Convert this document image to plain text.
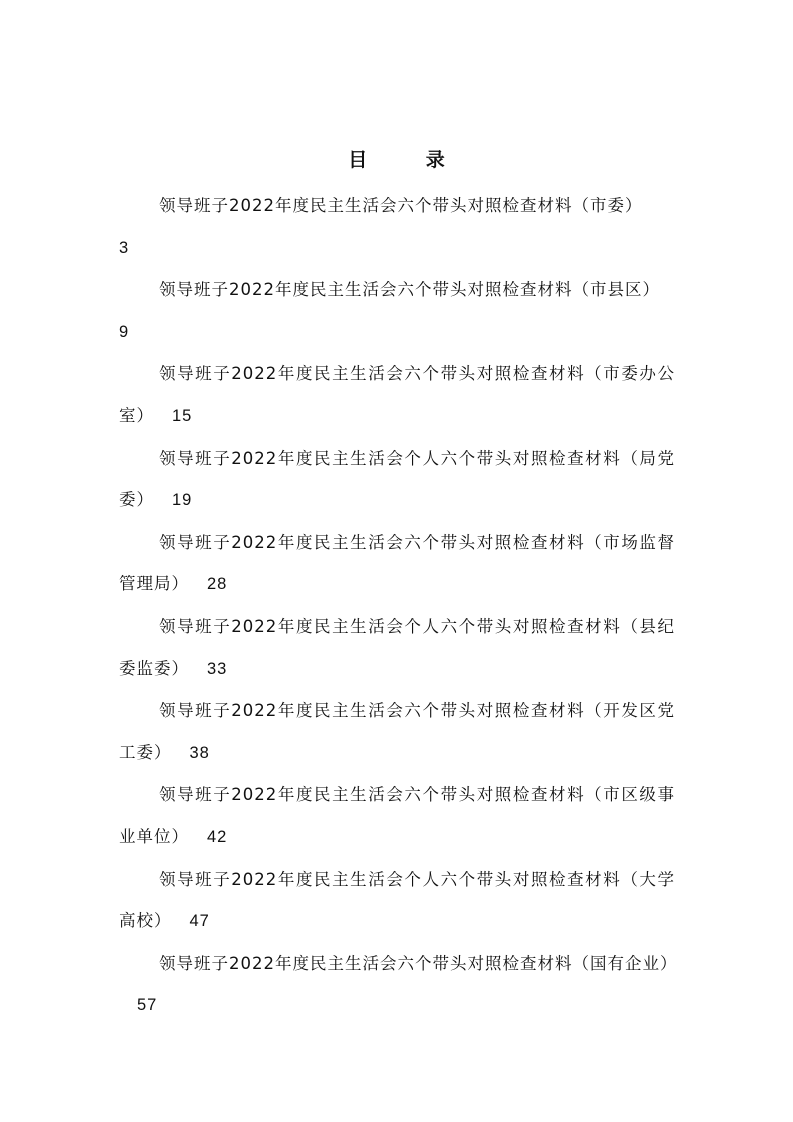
目 录

领导班子2022年度民主生活会六个带头对照检查材料（市委）
3

领导班子2022年度民主生活会六个带头对照检查材料（市县区）
9

领导班子2022年度民主生活会六个带头对照检查材料（市委办公室） 15

领导班子2022年度民主生活会个人六个带头对照检查材料（局党委） 19

领导班子2022年度民主生活会六个带头对照检查材料（市场监督管理局） 28

领导班子2022年度民主生活会个人六个带头对照检查材料（县纪委监委） 33

领导班子2022年度民主生活会六个带头对照检查材料（开发区党工委） 38

领导班子2022年度民主生活会六个带头对照检查材料（市区级事业单位） 42

领导班子2022年度民主生活会个人六个带头对照检查材料（大学高校） 47

领导班子2022年度民主生活会六个带头对照检查材料（国有企业）57
